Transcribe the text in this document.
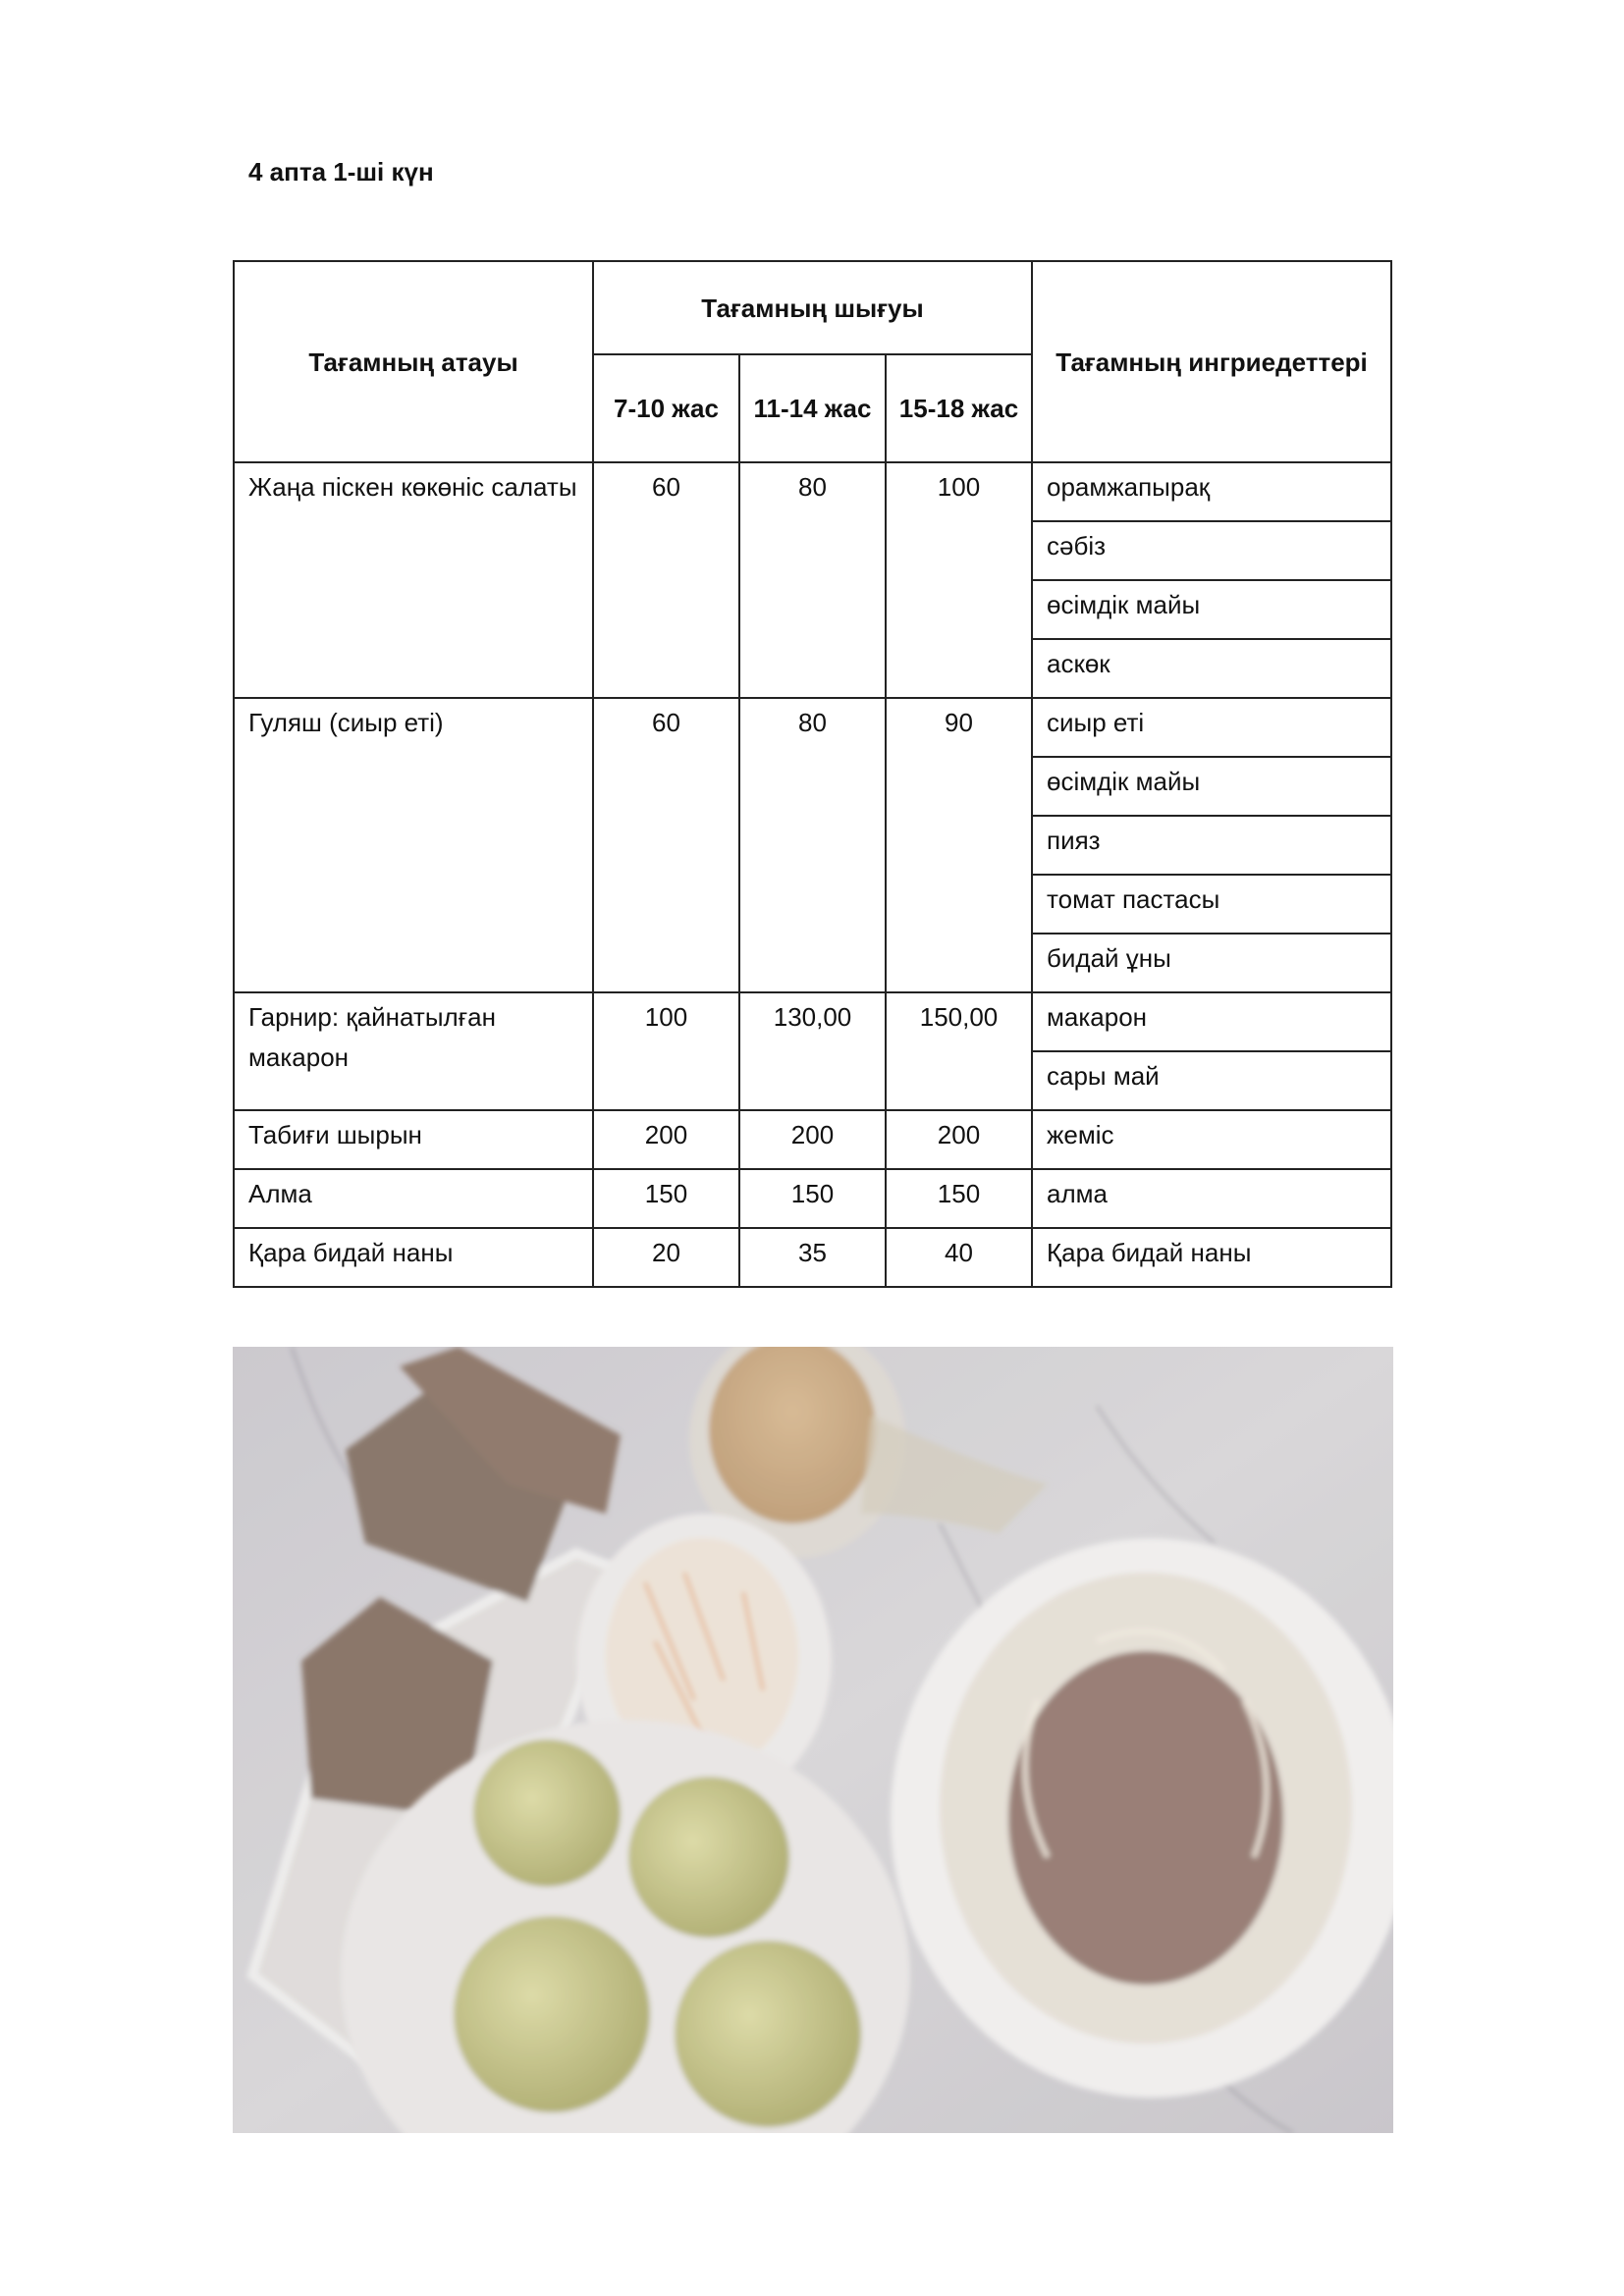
4 апта 1-ші күн
Тағамның атауы	Тағамның шығуы			Тағамның ингриедеттері
	7-10 жас	11-14 жас	15-18 жас	
Жаңа піскен көкөніс салаты	60	80	100	орамжапырақ
				сәбіз
				өсімдік майы
				аскөк
Гуляш (сиыр еті)	60	80	90	сиыр еті
				өсімдік майы
				пияз
				томат пастасы
				бидай ұны
Гарнир: қайнатылған макарон	100	130,00	150,00	макарон
				сары май
Табиғи шырын	200	200	200	жеміс
Алма	150	150	150	алма
Қара бидай наны	20	35	40	Қара бидай наны
